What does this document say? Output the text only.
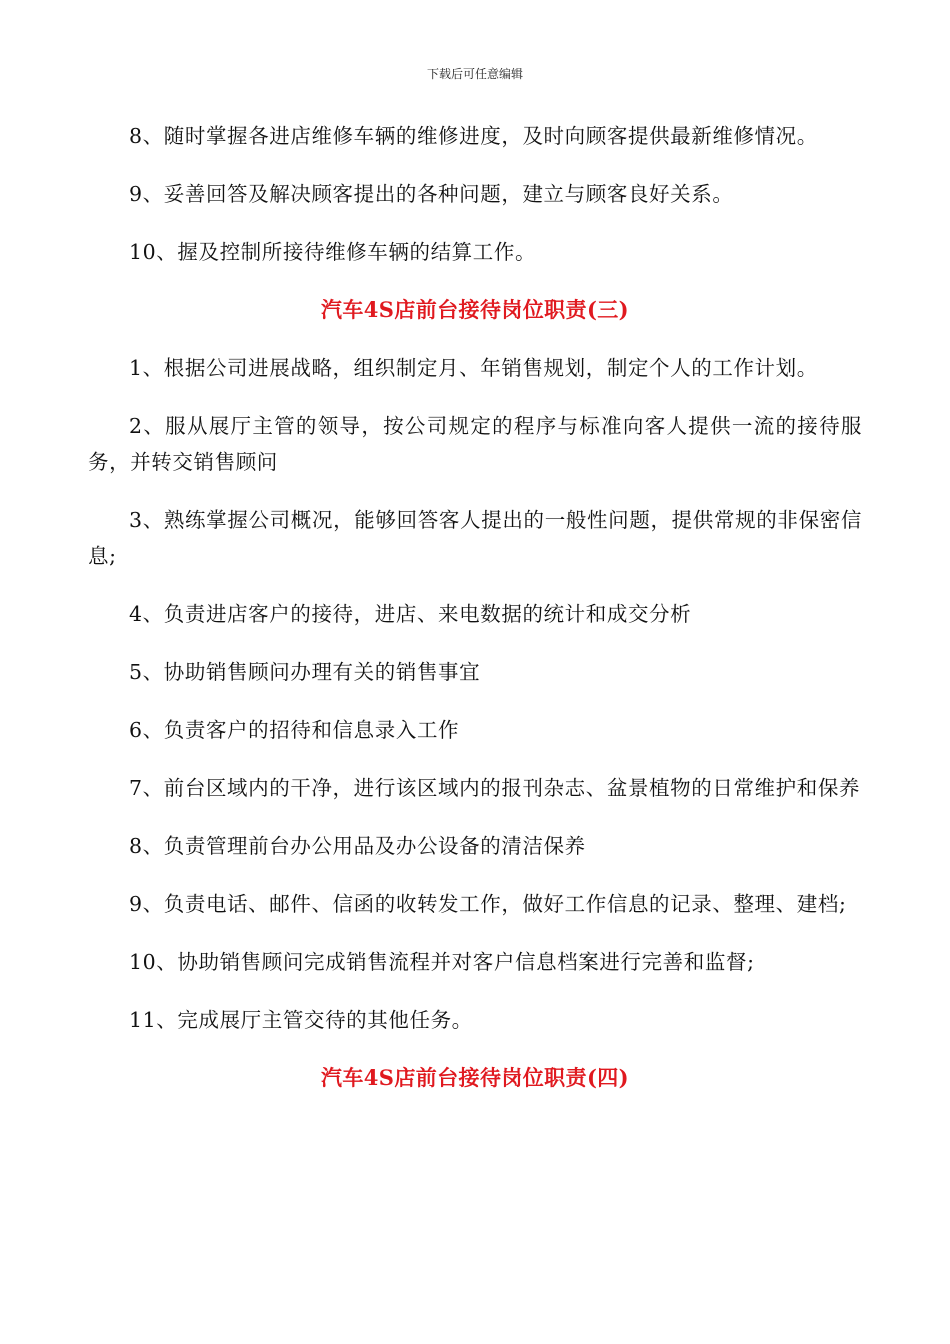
下载后可任意编辑

8、随时掌握各进店维修车辆的维修进度，及时向顾客提供最新维修情况。

9、妥善回答及解决顾客提出的各种问题，建立与顾客良好关系。

10、握及控制所接待维修车辆的结算工作。

汽车4S店前台接待岗位职责(三)

1、根据公司进展战略，组织制定月、年销售规划，制定个人的工作计划。

2、服从展厅主管的领导，按公司规定的程序与标准向客人提供一流的接待服务，并转交销售顾问

3、熟练掌握公司概况，能够回答客人提出的一般性问题，提供常规的非保密信息;

4、负责进店客户的接待，进店、来电数据的统计和成交分析

5、协助销售顾问办理有关的销售事宜

6、负责客户的招待和信息录入工作

7、前台区域内的干净，进行该区域内的报刊杂志、盆景植物的日常维护和保养

8、负责管理前台办公用品及办公设备的清洁保养

9、负责电话、邮件、信函的收转发工作，做好工作信息的记录、整理、建档;

10、协助销售顾问完成销售流程并对客户信息档案进行完善和监督;

11、完成展厅主管交待的其他任务。

汽车4S店前台接待岗位职责(四)
